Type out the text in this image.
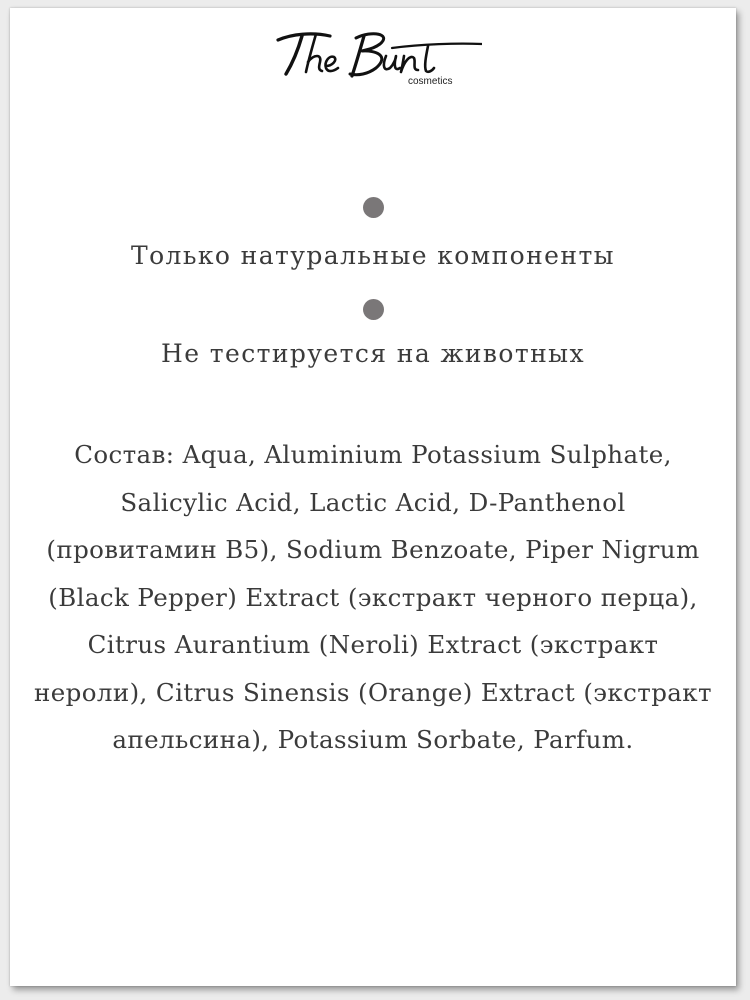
cosmetics
Только натуральные компоненты
Не тестируется на животных

Состав: Aqua, Aluminium Potassium Sulphate, Salicylic Acid, Lactic Acid, D-Panthenol (провитамин B5), Sodium Benzoate, Piper Nigrum (Black Pepper) Extract (экстракт черного перца), Citrus Aurantium (Neroli) Extract (экстракт нероли), Citrus Sinensis (Orange) Extract (экстракт апельсина), Potassium Sorbate, Parfum.
